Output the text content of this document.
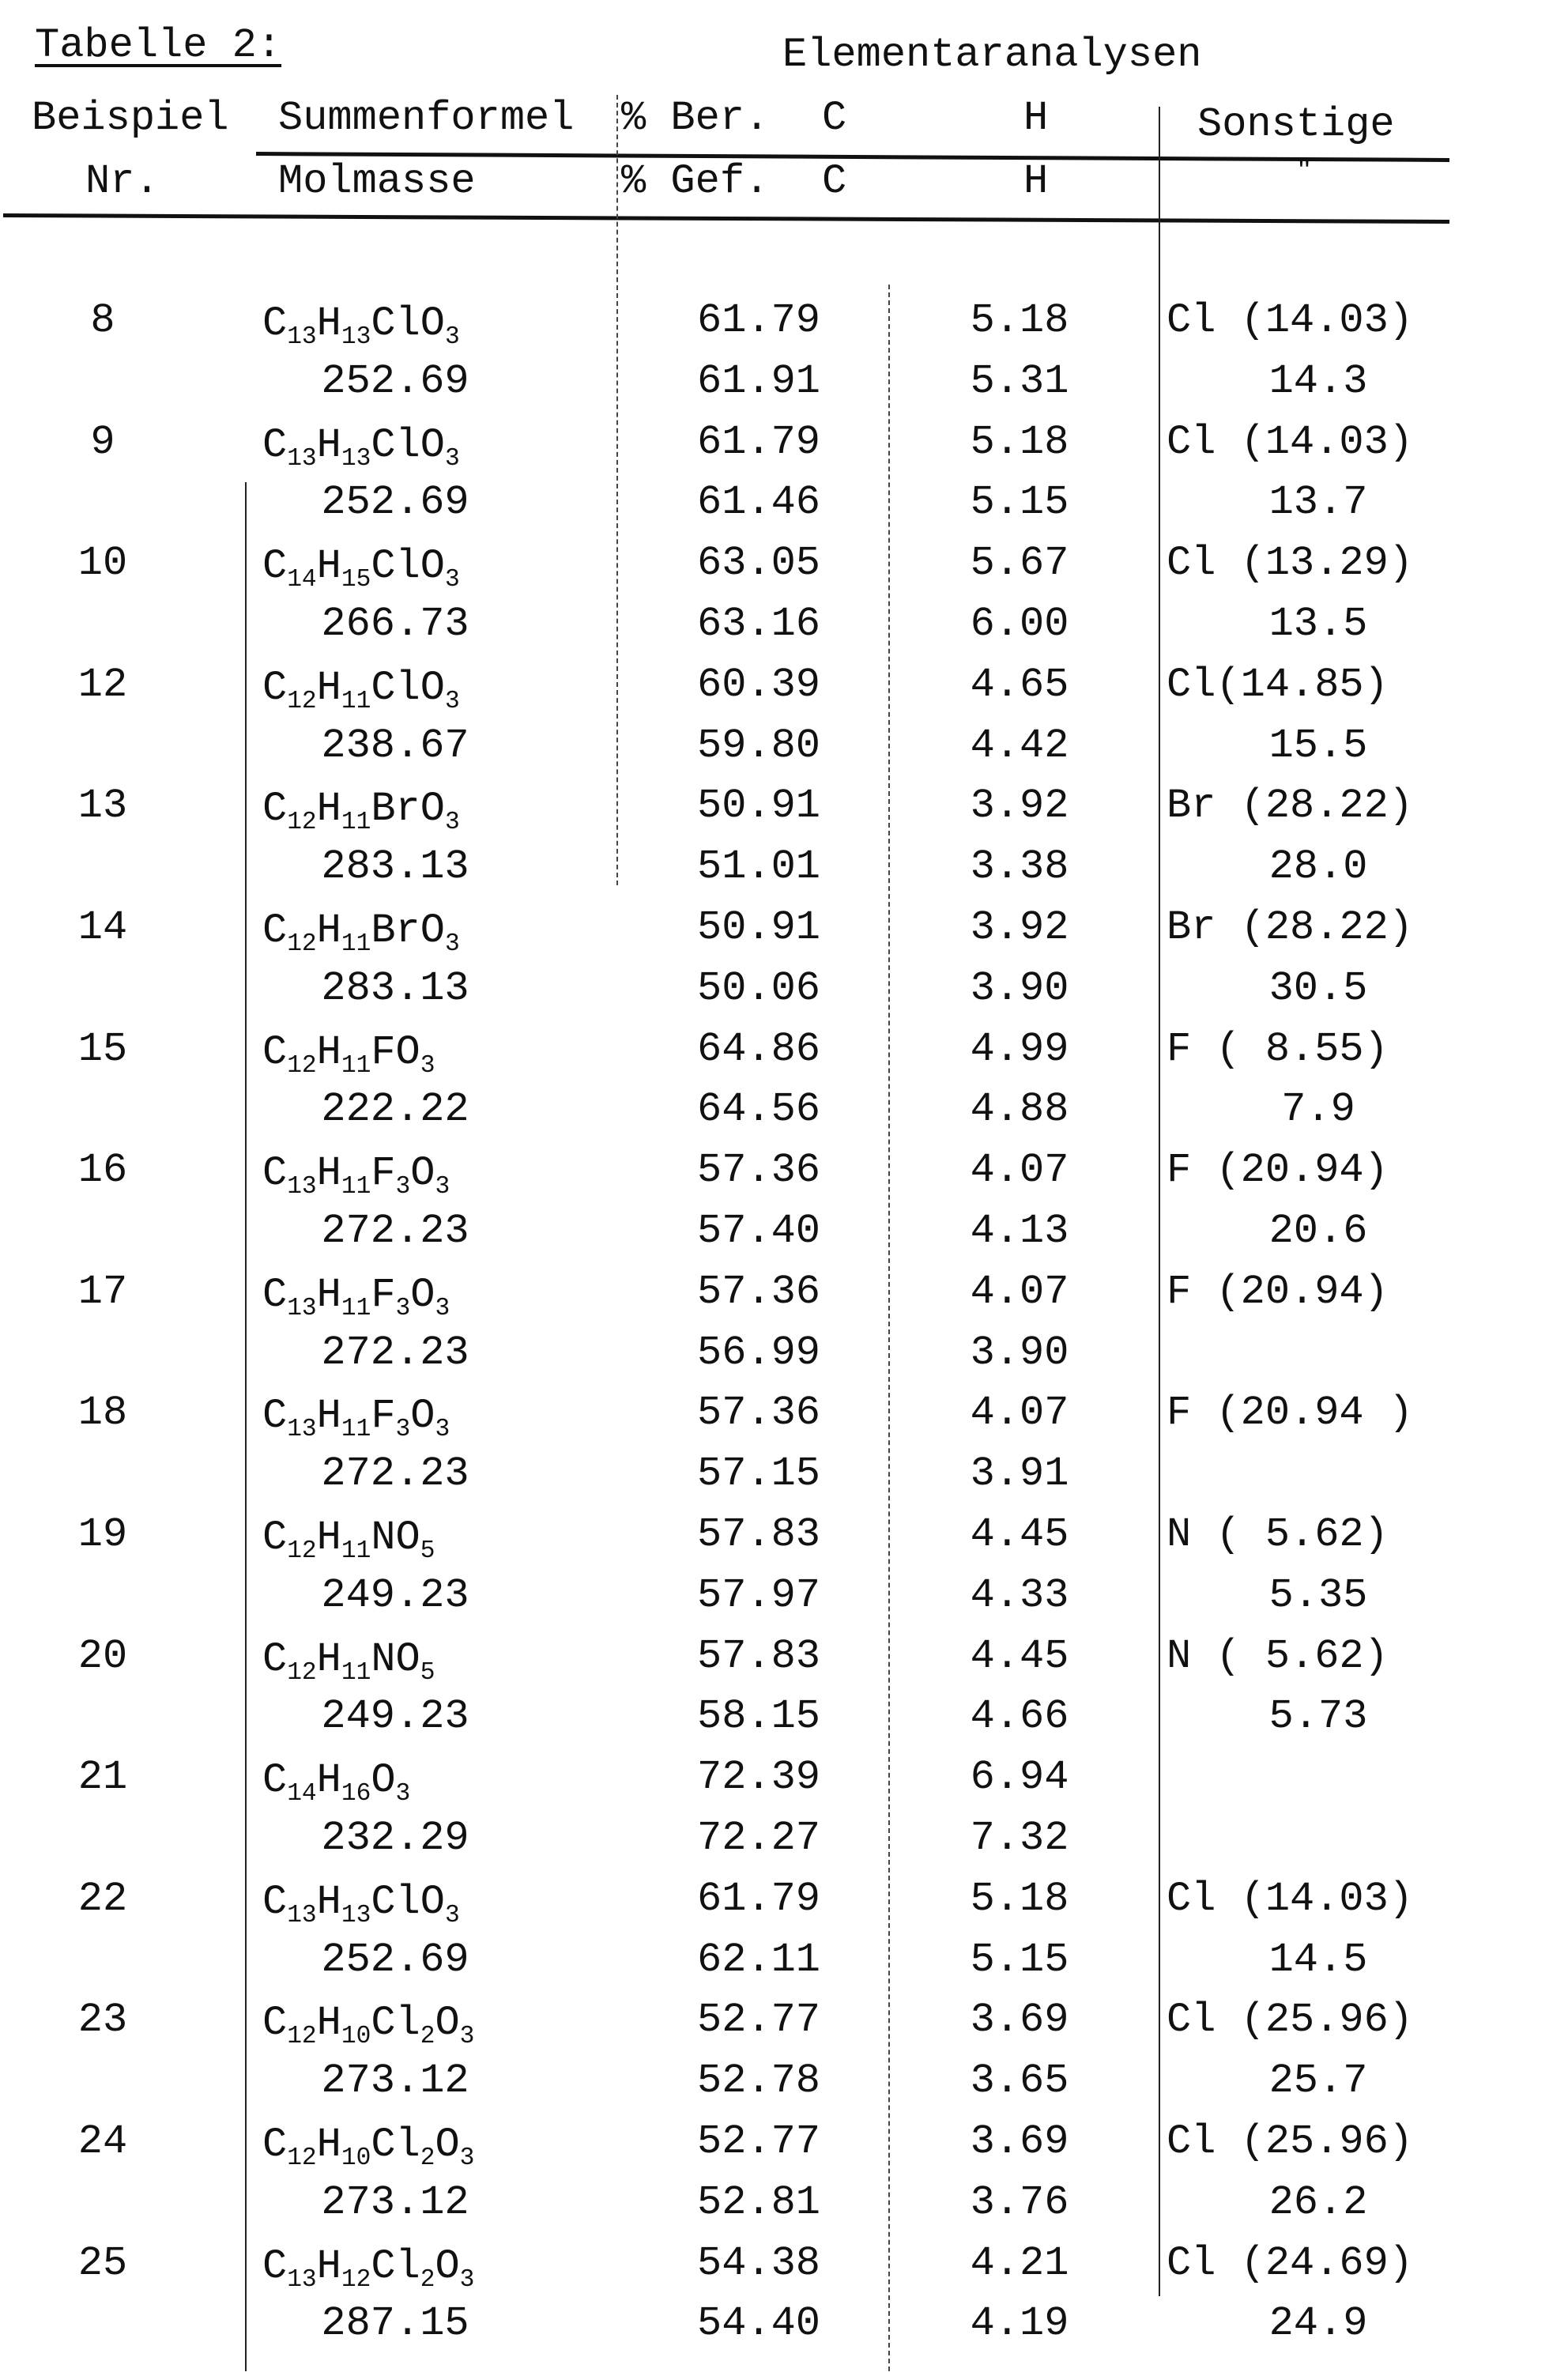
Tabelle 2:	Elementaranalysen
Beispiel
Nr.
Summenformel
Molmasse
% Ber.
% Gef.
C
C
H
H
Sonstige
"
8	C13H13ClO3
252.69
61.79
61.91
5.18
5.31
Cl (14.03)
14.3
9	C13H13ClO3
252.69
61.79
61.46
5.18
5.15
Cl (14.03)
13.7
10	C14H15ClO3
266.73
63.05
63.16
5.67
6.00
Cl (13.29)
13.5
12	C12H11ClO3
238.67
60.39
59.80
4.65
4.42
Cl(14.85)
15.5
13	C12H11BrO3
283.13
50.91
51.01
3.92
3.38
Br (28.22)
28.0
14	C12H11BrO3
283.13
50.91
50.06
3.92
3.90
Br (28.22)
30.5
15	C12H11FO3
222.22
64.86
64.56
4.99
4.88
F ( 8.55)
7.9
16	C13H11F3O3
272.23
57.36
57.40
4.07
4.13
F (20.94)
20.6
17	C13H11F3O3
272.23
57.36
56.99
4.07
3.90
F (20.94)
18	C13H11F3O3
272.23
57.36
57.15
4.07
3.91
F (20.94 )
19	C12H11NO5
249.23
57.83
57.97
4.45
4.33
N ( 5.62)
5.35
20	C12H11NO5
249.23
57.83
58.15
4.45
4.66
N ( 5.62)
5.73
21	C14H16O3
232.29
72.39
72.27
6.94
7.32
22	C13H13ClO3
252.69
61.79
62.11
5.18
5.15
Cl (14.03)
14.5
23	C12H10Cl2O3
273.12
52.77
52.78
3.69
3.65
Cl (25.96)
25.7
24	C12H10Cl2O3
273.12
52.77
52.81
3.69
3.76
Cl (25.96)
26.2
25	C13H12Cl2O3
287.15
54.38
54.40
4.21
4.19
Cl (24.69)
24.9
